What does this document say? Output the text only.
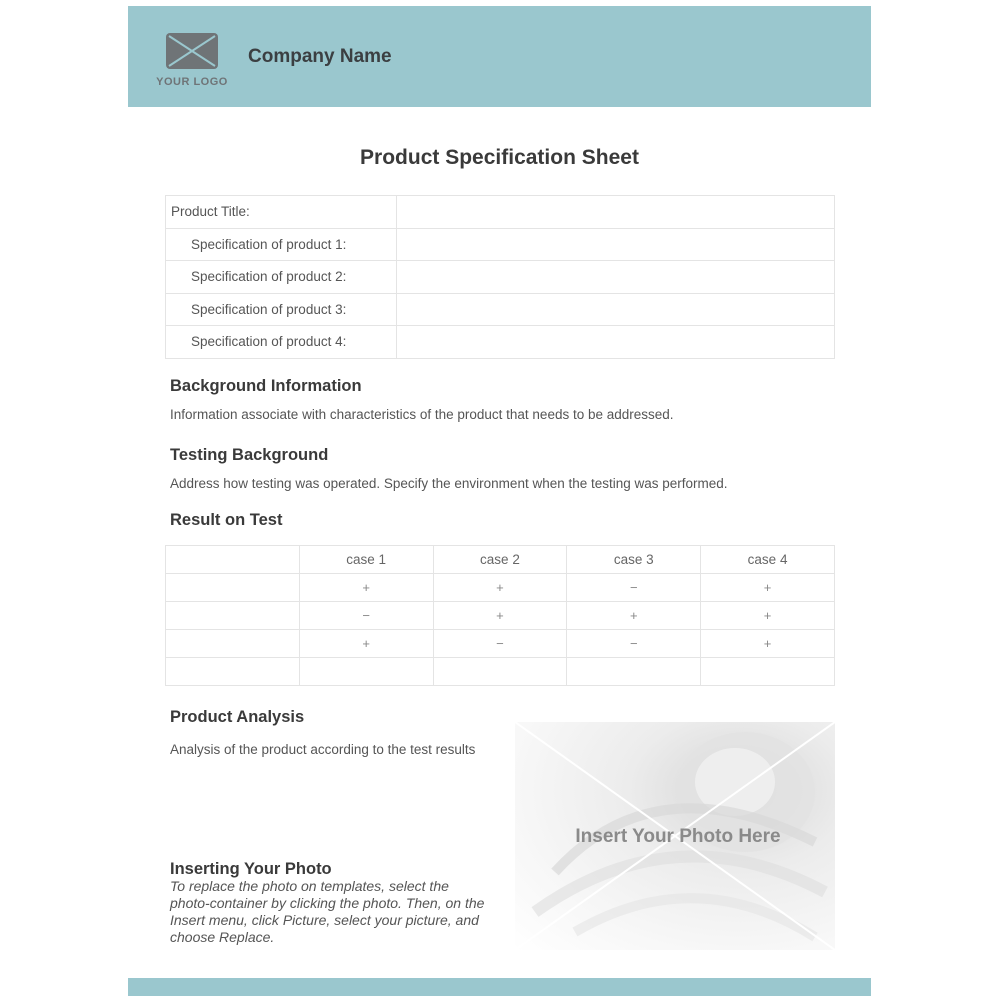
YOUR LOGO
Company Name
Product Specification Sheet
Product Title:	
Specification of product 1:	
Specification of product 2:	
Specification of product 3:	
Specification of product 4:	
Background Information
Information associate with characteristics of the product that needs to be addressed.
Testing Background
Address how testing was operated. Specify the environment when the testing was performed.
Result on Test
	case 1	case 2	case 3	case 4
	+	+	−	+
	−	+	+	+
	+	−	−	+

Product Analysis
Analysis of the product according to the test results
Insert Your Photo Here
Inserting Your Photo
To replace the photo on templates, select the photo-container by clicking the photo. Then, on the Insert menu, click Picture, select your picture, and choose Replace.
